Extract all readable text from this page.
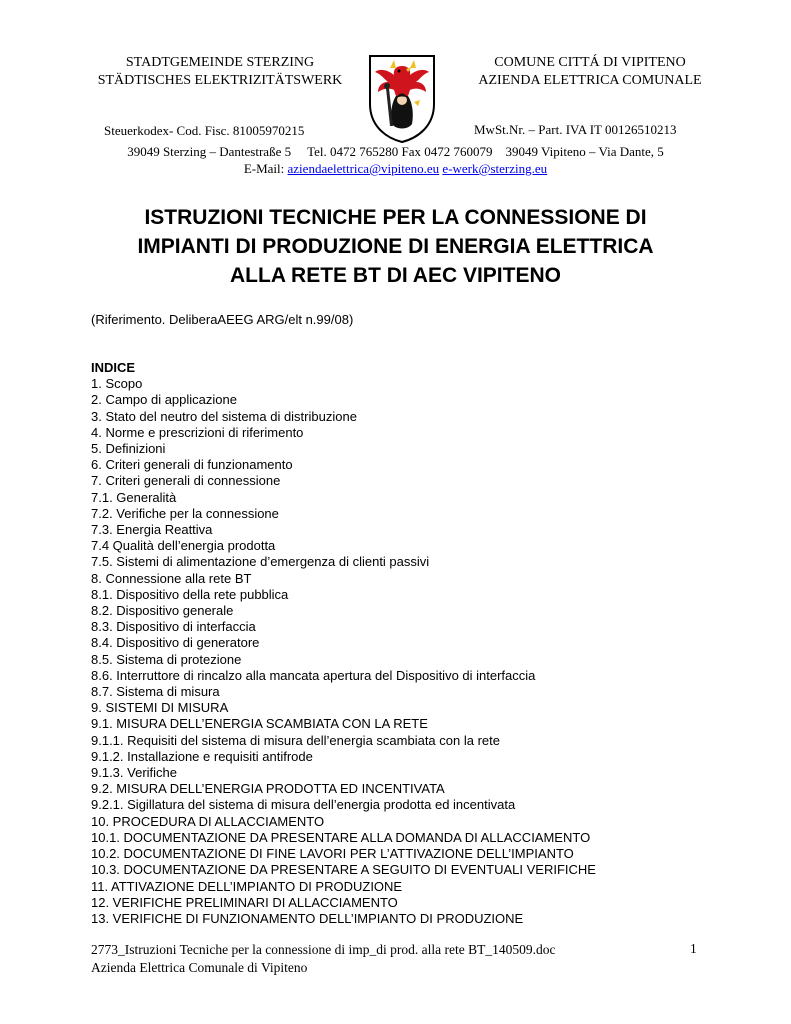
STADTGEMEINDE STERZING
STÄDTISCHES ELEKTRIZITÄTSWERK
COMUNE CITTÁ DI VIPITENO
AZIENDA ELETTRICA COMUNALE
Steuerkodex- Cod. Fisc. 81005970215	MwSt.Nr. – Part. IVA IT 00126510213
39049 Sterzing – Dantestraße 5     Tel. 0472 765280 Fax 0472 760079    39049 Vipiteno – Via Dante, 5
E-Mail: aziendaelettrica@vipiteno.eu e-werk@sterzing.eu
ISTRUZIONI TECNICHE PER LA CONNESSIONE DI
IMPIANTI DI PRODUZIONE DI ENERGIA ELETTRICA
ALLA RETE BT DI AEC VIPITENO
(Riferimento. DeliberaAEEG ARG/elt n.99/08)
INDICE
1. Scopo
2. Campo di applicazione
3. Stato del neutro del sistema di distribuzione
4. Norme e prescrizioni di riferimento
5. Definizioni
6. Criteri generali di funzionamento
7. Criteri generali di connessione
7.1. Generalità
7.2. Verifiche per la connessione
7.3. Energia Reattiva
7.4 Qualità dell’energia prodotta
7.5. Sistemi di alimentazione d’emergenza di clienti passivi
8. Connessione alla rete BT
8.1. Dispositivo della rete pubblica
8.2. Dispositivo generale
8.3. Dispositivo di interfaccia
8.4. Dispositivo di generatore
8.5. Sistema di protezione
8.6. Interruttore di rincalzo alla mancata apertura del Dispositivo di interfaccia
8.7. Sistema di misura
9. SISTEMI DI MISURA
9.1. MISURA DELL’ENERGIA SCAMBIATA CON LA RETE
9.1.1. Requisiti del sistema di misura dell’energia scambiata con la rete
9.1.2. Installazione e requisiti antifrode
9.1.3. Verifiche
9.2. MISURA DELL’ENERGIA PRODOTTA ED INCENTIVATA
9.2.1. Sigillatura del sistema di misura dell’energia prodotta ed incentivata
10. PROCEDURA DI ALLACCIAMENTO
10.1. DOCUMENTAZIONE DA PRESENTARE ALLA DOMANDA DI ALLACCIAMENTO
10.2. DOCUMENTAZIONE DI FINE LAVORI PER L’ATTIVAZIONE DELL’IMPIANTO
10.3. DOCUMENTAZIONE DA PRESENTARE A SEGUITO DI EVENTUALI VERIFICHE
11. ATTIVAZIONE DELL’IMPIANTO DI PRODUZIONE
12. VERIFICHE PRELIMINARI DI ALLACCIAMENTO
13. VERIFICHE DI FUNZIONAMENTO DELL’IMPIANTO DI PRODUZIONE
2773_Istruzioni Tecniche per la connessione di imp_di prod. alla rete BT_140509.doc
Azienda Elettrica Comunale di Vipiteno
1
